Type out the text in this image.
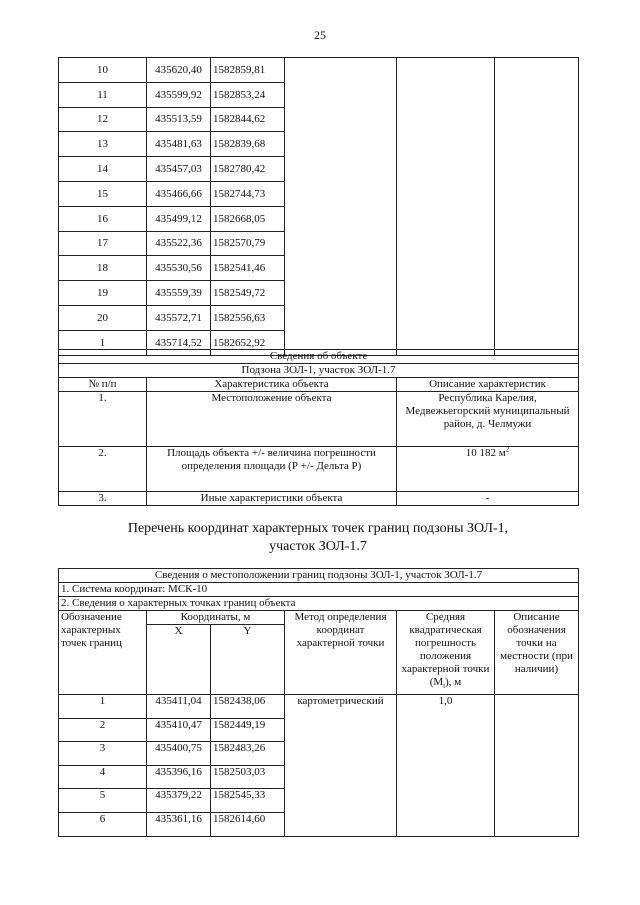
25
10	435620,40	1582859,81			
11	435599,92	1582853,24			
12	435513,59	1582844,62			
13	435481,63	1582839,68			
14	435457,03	1582780,42			
15	435466,66	1582744,73			
16	435499,12	1582668,05			
17	435522,36	1582570,79			
18	435530,56	1582541,46			
19	435559,39	1582549,72			
20	435572,71	1582556,63			
1	435714,52	1582652,92			
Сведения об объекте		
Подзона ЗОЛ-1, участок ЗОЛ-1.7		
№ п/п	Характеристика объекта	Описание характеристик
1.	Местоположение объекта	Республика Карелия, Медвежьегорский муниципальный район, д. Челмужи
2.	Площадь объекта +/- величина погрешности определения площади (Р +/- Дельта Р)	10 182 $м^2$
3.	Иные характеристики объекта	-
Перечень координат характерных точек границ подзоны ЗОЛ-1,
участок ЗОЛ-1.7
Сведения о местоположении границ подзоны ЗОЛ-1, участок ЗОЛ-1.7					
1. Система координат: МСК-10					
2. Сведения о характерных точках границ объекта					
Обозначение характерных точек границ	Координаты, м		Метод определения координат характерной точки	Средняя квадратическая погрешность положения характерной точки $(M_t)$, м	Описание обозначения точки на местности (при наличии)
	X	Y			
1	435411,04	1582438,06	картометрический	1,0	
2	435410,47	1582449,19			
3	435400,75	1582483,26			
4	435396,16	1582503,03			
5	435379,22	1582545,33			
6	435361,16	1582614,60			
